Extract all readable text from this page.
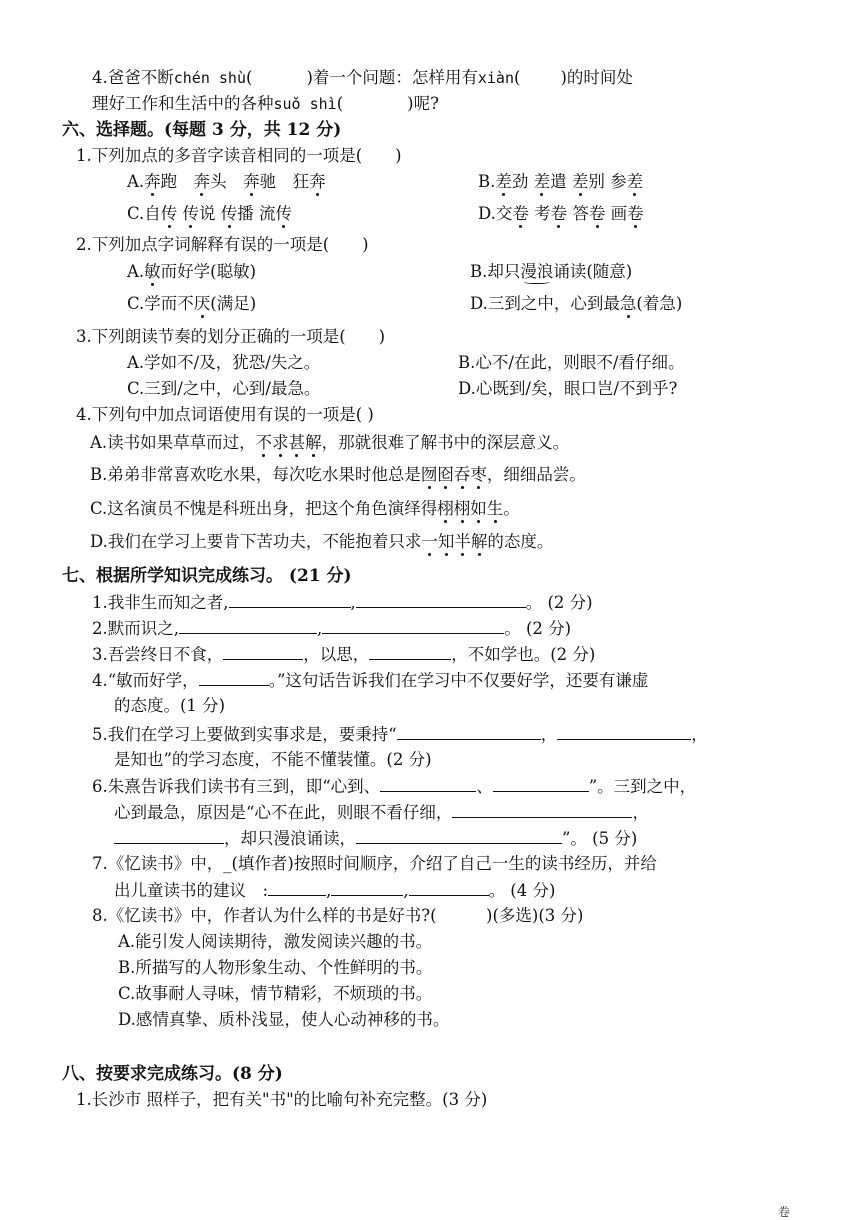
4.爸爸不断chén shù(	)着一个问题：怎样用有xiàn( )的时间处
理好工作和生活中的各种suǒ shì(	)呢?
六、选择题。(每题 3 分，共 12 分)
1.下列加点的多音字读音相同的一项是(　　)
A.奔跑　奔头　奔驰　狂奔	B.差劲 差遣 差别 参差
C.自传 传说 传播 流传	D.交卷 考卷 答卷 画卷
2.下列加点字词解释有误的一项是(　　)
A.敏而好学(聪敏)	B.却只漫浪诵读(随意)
C.学而不厌(满足)	D.三到之中，心到最急(着急)
3.下列朗读节奏的划分正确的一项是(　　)
A.学如不/及，犹恐/失之。	B.心不/在此，则眼不/看仔细。
C.三到/之中，心到/最急。	D.心既到/矣，眼口岂/不到乎?
4.下列句中加点词语使用有误的一项是( )
A.读书如果草草而过，不求甚解，那就很难了解书中的深层意义。
B.弟弟非常喜欢吃水果，每次吃水果时他总是囫囵吞枣，细细品尝。
C.这名演员不愧是科班出身，把这个角色演绎得栩栩如生。
D.我们在学习上要肯下苦功夫，不能抱着只求一知半解的态度。
七、根据所学知识完成练习。 (21 分)
1.我非生而知之者,	,	。 (2 分)
2.默而识之,	,	。 (2 分)
3.吾尝终日不食，	，以思，	，不如学也。(2 分)
4.“敏而好学，	。”这句话告诉我们在学习中不仅要好学，还要有谦虚
的态度。(1 分)
5.我们在学习上要做到实事求是，要秉持“	，	，
是知也”的学习态度，不能不懂装懂。(2 分)
6.朱熹告诉我们读书有三到，即“心到、	、	”。三到之中，
心到最急，原因是“心不在此，则眼不看仔细，	，
，却只漫浪诵读，	”。 (5 分)
7.《忆读书》中，_(填作者)按照时间顺序，介绍了自己一生的读书经历，并给
出儿童读书的建议　:	,	,	。 (4 分)
8.《忆读书》中，作者认为什么样的书是好书?(　　　)(多选)(3 分)
A.能引发人阅读期待，激发阅读兴趣的书。
B.所描写的人物形象生动、个性鲜明的书。
C.故事耐人寻味，情节精彩，不烦琐的书。
D.感情真挚、质朴浅显，使人心动神移的书。
八、按要求完成练习。(8 分)
1.长沙市 照样子，把有关"书"的比喻句补充完整。(3 分)
卷
